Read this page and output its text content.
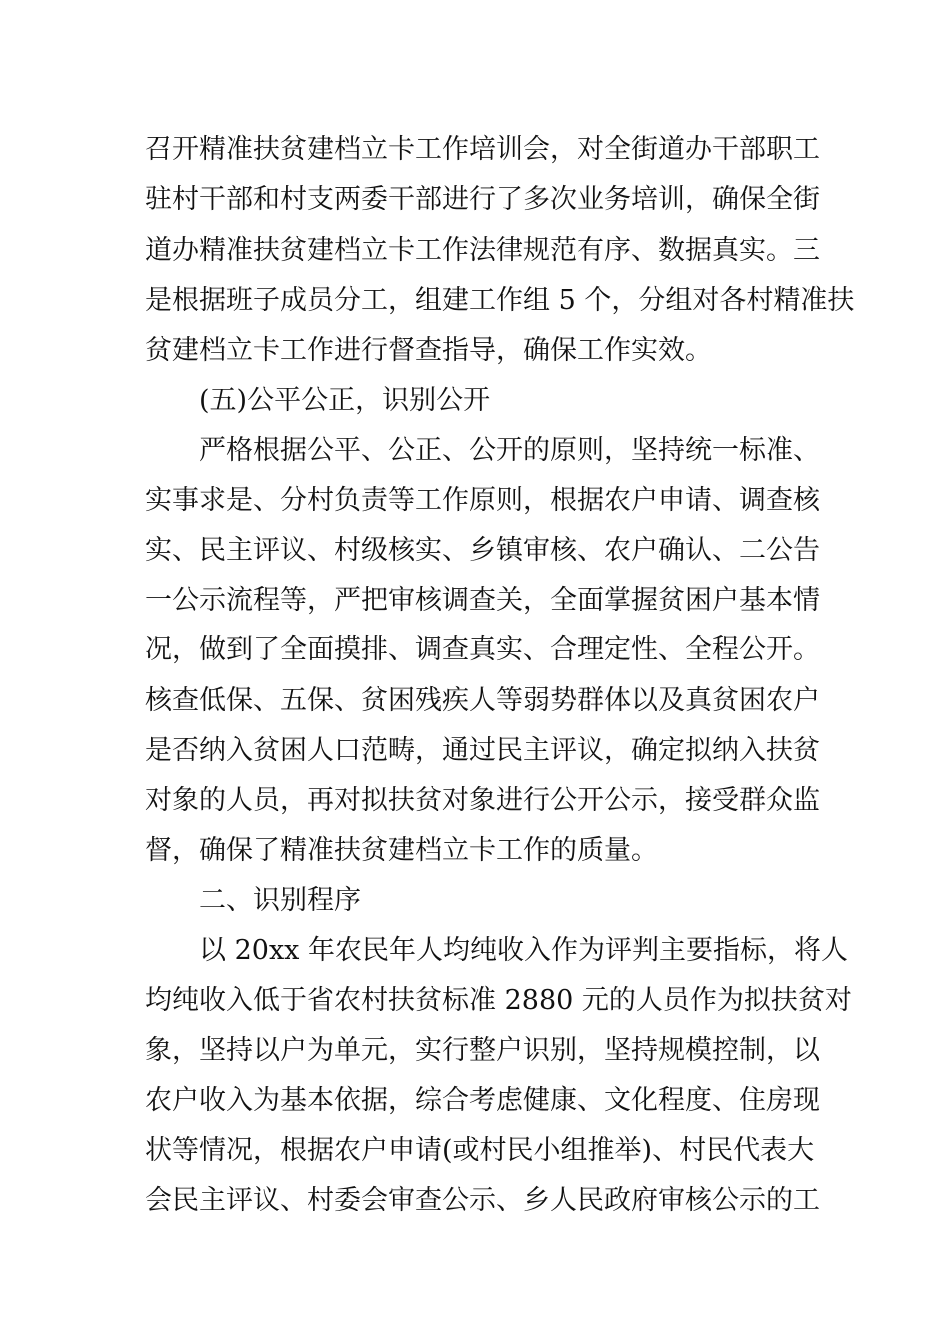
召开精准扶贫建档立卡工作培训会，对全街道办干部职工
驻村干部和村支两委干部进行了多次业务培训，确保全街
道办精准扶贫建档立卡工作法律规范有序、数据真实。三
是根据班子成员分工，组建工作组 5 个，分组对各村精准扶
贫建档立卡工作进行督查指导，确保工作实效。
(五)公平公正，识别公开
严格根据公平、公正、公开的原则，坚持统一标准、
实事求是、分村负责等工作原则，根据农户申请、调查核
实、民主评议、村级核实、乡镇审核、农户确认、二公告
一公示流程等，严把审核调查关，全面掌握贫困户基本情
况，做到了全面摸排、调查真实、合理定性、全程公开。
核查低保、五保、贫困残疾人等弱势群体以及真贫困农户
是否纳入贫困人口范畴，通过民主评议，确定拟纳入扶贫
对象的人员，再对拟扶贫对象进行公开公示，接受群众监
督，确保了精准扶贫建档立卡工作的质量。
二、识别程序
以 20xx 年农民年人均纯收入作为评判主要指标，将人
均纯收入低于省农村扶贫标准 2880 元的人员作为拟扶贫对
象，坚持以户为单元，实行整户识别，坚持规模控制，以
农户收入为基本依据，综合考虑健康、文化程度、住房现
状等情况，根据农户申请(或村民小组推举)、村民代表大
会民主评议、村委会审查公示、乡人民政府审核公示的工
